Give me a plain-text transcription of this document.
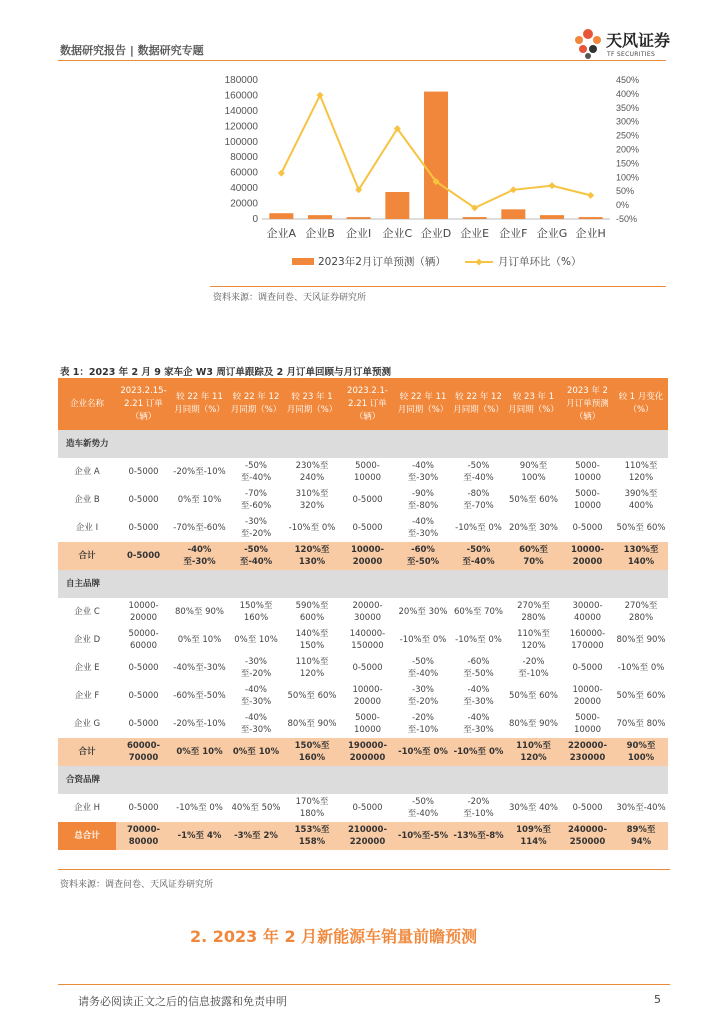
数据研究报告 | 数据研究专题
天风证券
TF SECURITIES
0
20000
40000
60000
80000
100000
120000
140000
160000
180000
-50%
0%
50%
100%
150%
200%
250%
300%
350%
400%
450%
企业A 企业B 企业I 企业C 企业D 企业E 企业F 企业G 企业H
2023年2月订单预测（辆）	月订单环比（%）
资料来源：调查问卷、天风证券研究所
表 1：2023 年 2 月 9 家车企 W3 周订单跟踪及 2 月订单回顾与月订单预测
企业名称	2023.2.15-2.21 订单（辆）	较 22 年 11 月同期（%）	较 22 年 12 月同期（%）	较 23 年 1 月同期（%）	2023.2.1-2.21 订单（辆）	较 22 年 11 月同期（%）	较 22 年 12 月同期（%）	较 23 年 1 月同期（%）	2023 年 2 月订单预测（辆）	较 1 月变化（%）
造车新势力										
企业 A	0-5000	-20%至-10%	-50%至-40%	230%至240%	5000-10000	-40%至-30%	-50%至-40%	90%至100%	5000-10000	110%至120%
企业 B	0-5000	0%至 10%	-70%至-60%	310%至320%	0-5000	-90%至-80%	-80%至-70%	50%至 60%	5000-10000	390%至400%
企业 I	0-5000	-70%至-60%	-30%至-20%	-10%至 0%	0-5000	-40%至-30%	-10%至 0%	20%至 30%	0-5000	50%至 60%
合计	0-5000	-40%至-30%	-50%至-40%	120%至130%	10000-20000	-60%至-50%	-50%至-40%	60%至 70%	10000-20000	130%至140%
自主品牌										
企业 C	10000-20000	80%至 90%	150%至160%	590%至600%	20000-30000	20%至 30%	60%至 70%	270%至280%	30000-40000	270%至280%
企业 D	50000-60000	0%至 10%	0%至 10%	140%至150%	140000-150000	-10%至 0%	-10%至 0%	110%至120%	160000-170000	80%至 90%
企业 E	0-5000	-40%至-30%	-30%至-20%	110%至120%	0-5000	-50%至-40%	-60%至-50%	-20%至-10%	0-5000	-10%至 0%
企业 F	0-5000	-60%至-50%	-40%至-30%	50%至 60%	10000-20000	-30%至-20%	-40%至-30%	50%至 60%	10000-20000	50%至 60%
企业 G	0-5000	-20%至-10%	-40%至-30%	80%至 90%	5000-10000	-20%至-10%	-40%至-30%	80%至 90%	5000-10000	70%至 80%
合计	60000-70000	0%至 10%	0%至 10%	150%至160%	190000-200000	-10%至 0%	-10%至 0%	110%至120%	220000-230000	90%至100%
合资品牌										
企业 H	0-5000	-10%至 0%	40%至 50%	170%至180%	0-5000	-50%至-40%	-20%至-10%	30%至 40%	0-5000	30%至-40%
总合计	70000-80000	-1%至 4%	-3%至 2%	153%至158%	210000-220000	-10%至-5%	-13%至-8%	109%至114%	240000-250000	89%至 94%
资料来源：调查问卷、天风证券研究所
2. 2023 年 2 月新能源车销量前瞻预测
请务必阅读正文之后的信息披露和免责申明	5
